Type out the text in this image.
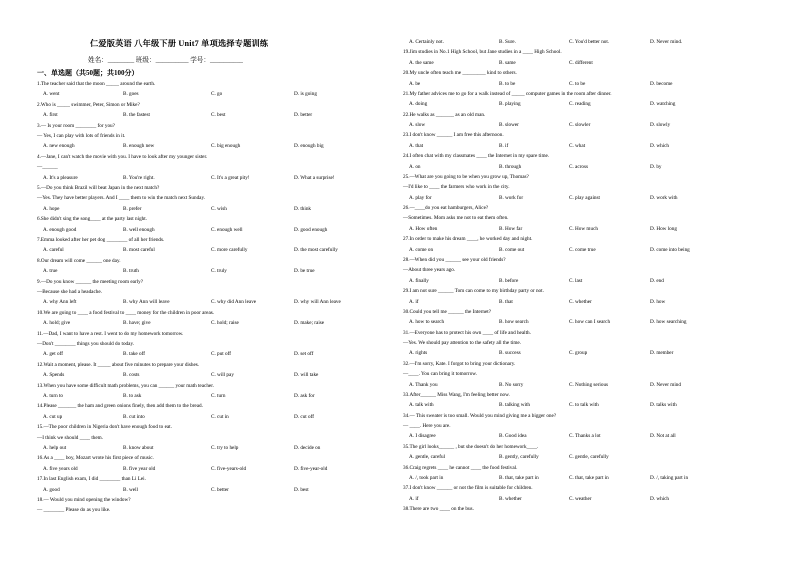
仁爱版英语 八年级下册 Unit7 单项选择专题训练
姓名：________ 班级：__________ 学号：__________
一、单选题（共50题；共100分）
1.The teacher said that the moon _____ around the earth.
A. went	B. goes	C. go	D. is going
2.Who is _____ swimmer, Peter, Simon or Mike?
A. first	B. the fastest	C. best	D. better
3.— Is your room ________ for you?
— Yes, I can play with lots of friends in it.
A. new enough	B. enough new	C. big enough	D. enough big
4.—Jane, I can't watch the movie with you. I have to look after my younger sister.
—______
A. It's a pleasure	B. You're right.	C. It's a great pity!	D. What a surprise!
5.—Do you think Brazil will beat Japan in the next match?
—Yes. They have better players. And I ____ them to win the match next Sunday.
A. hope	B. prefer	C. wish	D. think
6.She didn't sing the song____ at the party last night.
A. enough good	B. well enough	C. enough well	D. good enough
7.Emma looked after her pet dog ________ of all her friends.
A. careful	B. most careful	C. more carefully	D. the most carefully
8.Our dream will come ______ one day.
A. true	B. truth	C. truly	D. be true
9.—Do you know ______ the meeting room early?
—Because she had a headache.
A. why Ann left	B. why Ann will leave	C. why did Ann leave	D. why will Ann leave
10.We are going to ____ a food festival to ____ money for the children in poor areas.
A. hold; give	B. have; give	C. hold; raise	D. make; raise
11.—Dad, I want to have a rest. I went to do my homework tomorrow.
—Don't ________ things you should do today.
A. get off	B. take off	C. put off	D. set off
12.Wait a moment, please. It _____ about five minutes to prepare your dishes.
A. Spends	B. costs	C. will pay	D. will take
13.When you have some difficult math problems, you can ______ your math teacher.
A. turn to	B. to ask	C. turn	D. ask for
14.Please _______ the ham and green onions finely, then add them to the bread.
A. cut up	B. cut into	C. cut in	D. cut off
15.—The poor children in Nigeria don't have enough food to eat.
—I think we should ____ them.
A. help out	B. know about	C. try to help	D. decide on
16.As a ____ boy, Mozart wrote his first piece of music.
A. five years old	B. five year old	C. five-years-old	D. five-year-old
17.In last English exam, I did ________ than Li Lei.
A. good	B. well	C. better	D. best
18.— Would you mind opening the window?
— ________ Please do as you like.
A. Certainly not.	B. Sure.	C. You'd better not.	D. Never mind.
19.Jim studies in No.1 High School, but Jane studies in a ____ High School.
A. the same	B. same	C. different
20.My uncle often teach me _________ kind to others.
A. be	B. to be	C. to be	D. become
21.My father advices me to go for a walk instead of _____ computer games in the room after dinner.
A. doing	B. playing	C. reading	D. watching
22.He walks as _______ as an old man.
A. slow	B. slower	C. slowler	D. slowly
23.I don't know ______ I am free this afternoon.
A. that	B. if	C. what	D. which
24.I often chat with my classmates ____ the Internet in my spare time.
A. on	B. through	C. across	D. by
25.—What are you going to be when you grow up, Thomas?
—I'd like to ____ the farmers who work in the city.
A. play for	B. work for	C. play against	D. work with
26.—____do you eat hamburgers, Alice?
—Sometimes. Mom asks me not to eat them often.
A. How often	B. How far	C. How much	D. How long
27.In order to make his dream ____, he worked day and night.
A. come on	B. come out	C. come true	D. come into being
28.—When did you ______ see your old friends?
—About three years ago.
A. finally	B. before	C. last	D. end
29.I am not sure ______ Tom can come to my birthday party or not.
A. if	B. that	C. whether	D. how
30.Could you tell me ______ the Internet?
A. how to search	B. how search	C. how can I search	D. how searching
31.—Everyone has to protect his own ____ of life and health.
—Yes. We should pay attention to the safety all the time.
A. rights	B. success	C. group	D. member
32.—I'm sorry, Kate. I forgot to bring your dictionary.
—____. You can bring it tomorrow.
A. Thank you	B. No sorry	C. Nothing serious	D. Never mind
33.After______ Miss Wang, I'm feeling better now.
A. talk with	B. talking with	C. to talk with	D. talks with
34.— This sweater is too small. Would you mind giving me a bigger one?
— ____. Here you are.
A. I disagree	B. Good idea	C. Thanks a lot	D. Not at all
35.The girl looks______ , but she doesn't do her homework____.
A. gentle, careful	B. gently, carefully	C. gentle, carefully
36.Craig regrets ____ he cannot ____ the food festival.
A. /, took part in	B. that, take part in	C. that, take part in	D. /, taking part in
37.I don't know ______ or not the film is suitable for children.
A. if	B. whether	C. weather	D. which
38.There are two ____ on the bus.
